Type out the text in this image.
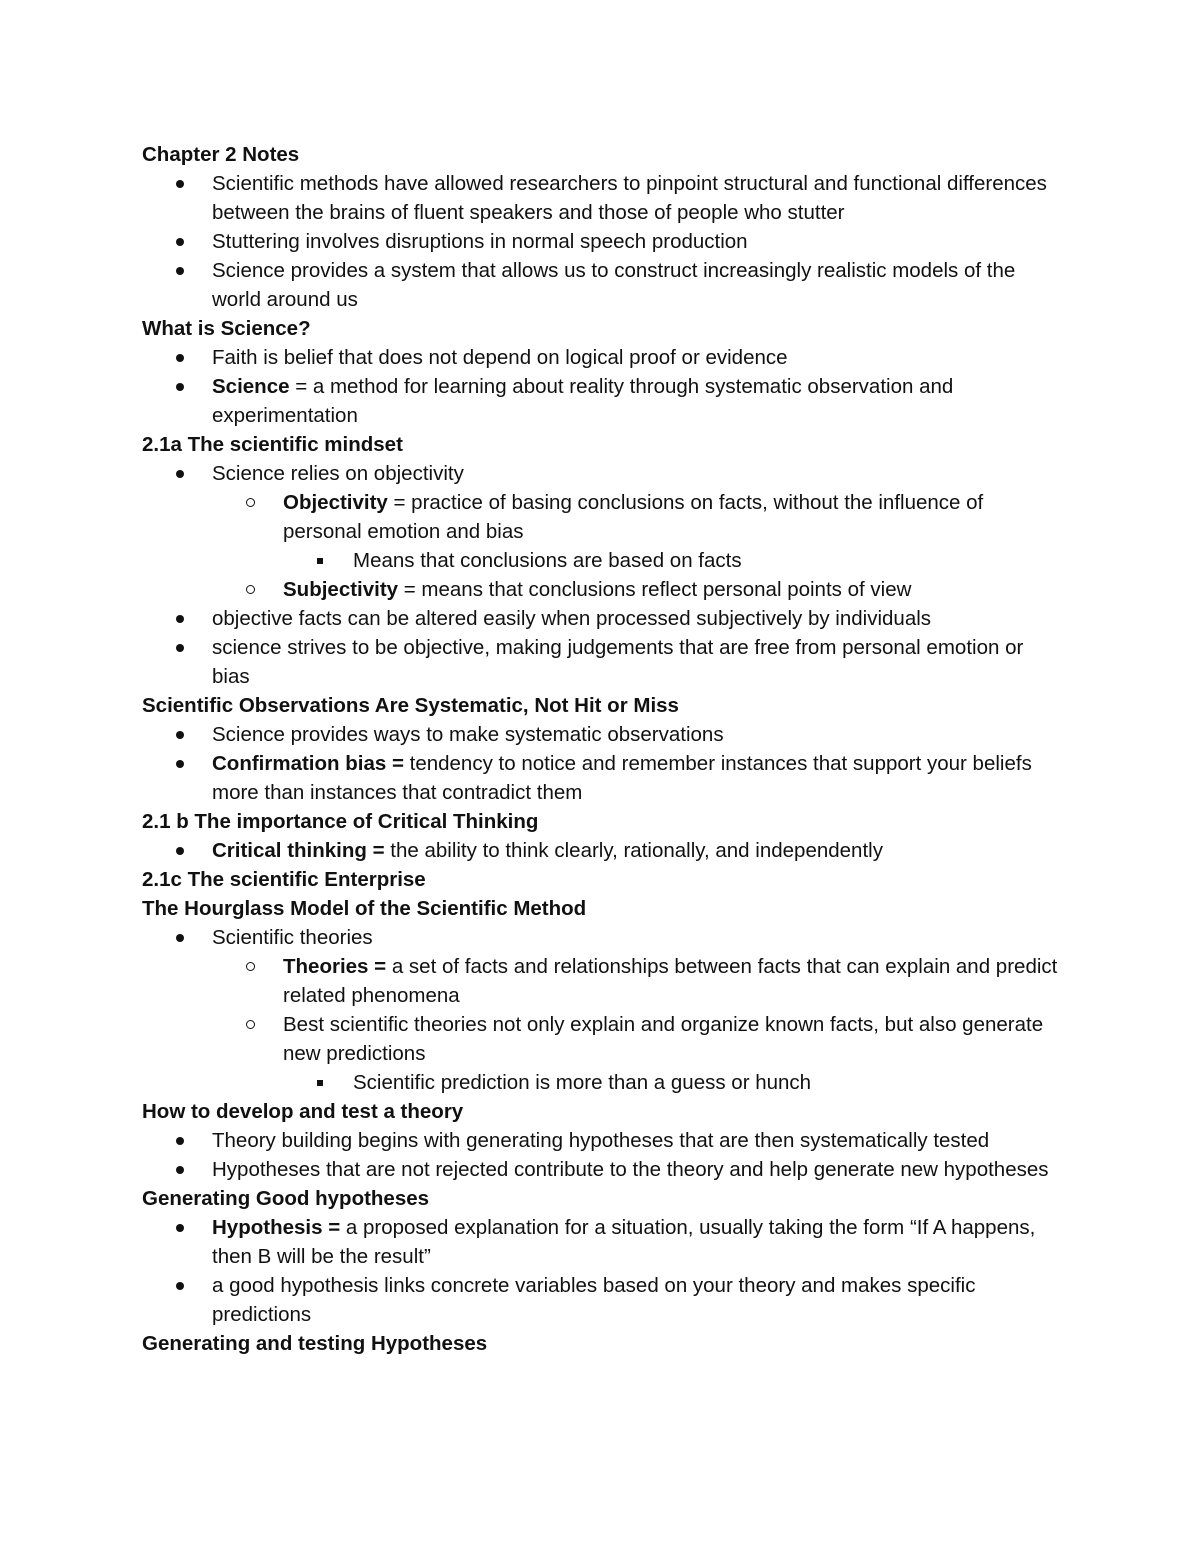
Chapter 2 Notes
Scientific methods have allowed researchers to pinpoint structural and functional differences between the brains of fluent speakers and those of people who stutter
Stuttering involves disruptions in normal speech production
Science provides a system that allows us to construct increasingly realistic models of the world around us
What is Science?
Faith is belief that does not depend on logical proof or evidence
Science = a method for learning about reality through systematic observation and experimentation
2.1a The scientific mindset
Science relies on objectivity
Objectivity = practice of basing conclusions on facts, without the influence of personal emotion and bias
Means that conclusions are based on facts
Subjectivity = means that conclusions reflect personal points of view
objective facts can be altered easily when processed subjectively by individuals
science strives to be objective, making judgements that are free from personal emotion or bias
Scientific Observations Are Systematic, Not Hit or Miss
Science provides ways to make systematic observations
Confirmation bias = tendency to notice and remember instances that support your beliefs more than instances that contradict them
2.1 b The importance of Critical Thinking
Critical thinking = the ability to think clearly, rationally, and independently
2.1c The scientific Enterprise
The Hourglass Model of the Scientific Method
Scientific theories
Theories = a set of facts and relationships between facts that can explain and predict related phenomena
Best scientific theories not only explain and organize known facts, but also generate new predictions
Scientific prediction is more than a guess or hunch
How to develop and test a theory
Theory building begins with generating hypotheses that are then systematically tested
Hypotheses that are not rejected contribute to the theory and help generate new hypotheses
Generating Good hypotheses
Hypothesis = a proposed explanation for a situation, usually taking the form “If A happens, then B will be the result”
a good hypothesis links concrete variables based on your theory and makes specific predictions
Generating and testing Hypotheses
